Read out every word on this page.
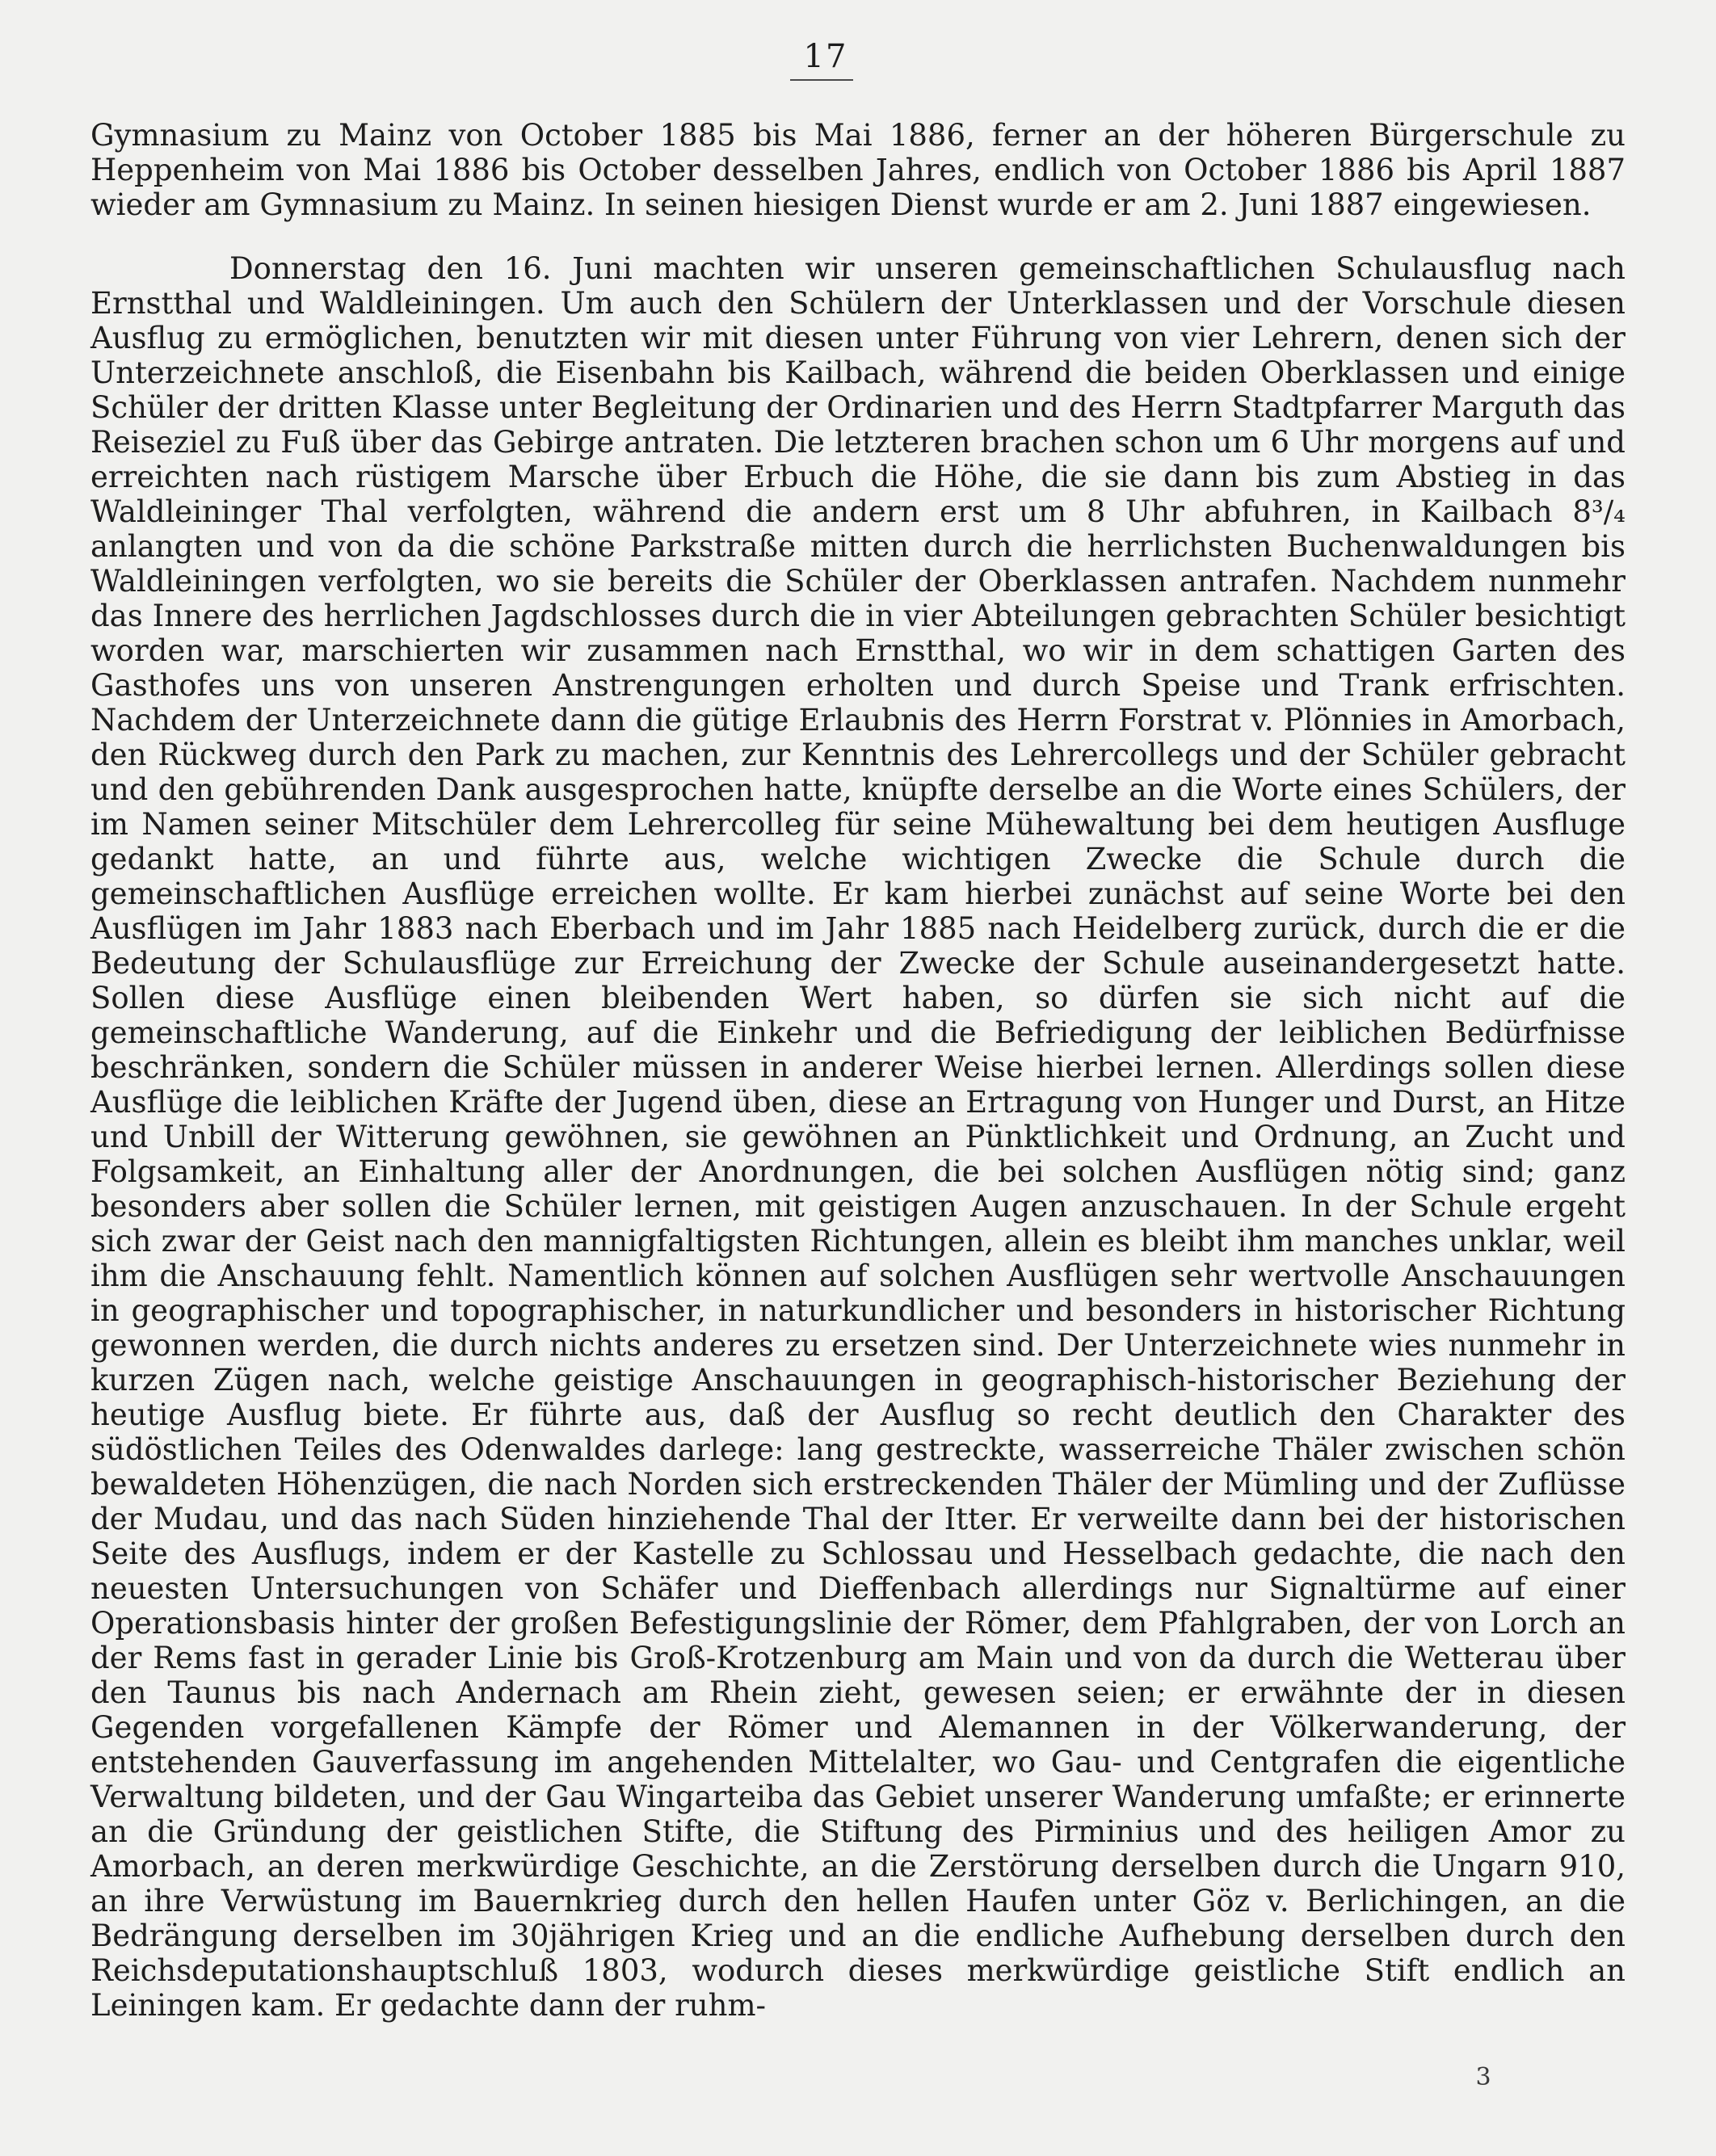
17

Gymnasium zu Mainz von October 1885 bis Mai 1886, ferner an der höheren Bürgerschule zu Heppenheim von Mai 1886 bis October desselben Jahres, endlich von October 1886 bis April 1887 wieder am Gymnasium zu Mainz. In seinen hiesigen Dienst wurde er am 2. Juni 1887 eingewiesen.

Donnerstag den 16. Juni machten wir unseren gemeinschaftlichen Schulausflug nach Ernstthal und Waldleiningen. Um auch den Schülern der Unterklassen und der Vorschule diesen Ausflug zu ermöglichen, benutzten wir mit diesen unter Führung von vier Lehrern, denen sich der Unterzeichnete anschloß, die Eisenbahn bis Kailbach, während die beiden Oberklassen und einige Schüler der dritten Klasse unter Begleitung der Ordinarien und des Herrn Stadtpfarrer Marguth das Reiseziel zu Fuß über das Gebirge antraten. Die letzteren brachen schon um 6 Uhr morgens auf und erreichten nach rüstigem Marsche über Erbuch die Höhe, die sie dann bis zum Abstieg in das Waldleininger Thal verfolgten, während die andern erst um 8 Uhr abfuhren, in Kailbach 8³/₄ anlangten und von da die schöne Parkstraße mitten durch die herrlichsten Buchenwaldungen bis Waldleiningen verfolgten, wo sie bereits die Schüler der Oberklassen antrafen. Nachdem nunmehr das Innere des herrlichen Jagdschlosses durch die in vier Abteilungen gebrachten Schüler besichtigt worden war, marschierten wir zusammen nach Ernstthal, wo wir in dem schattigen Garten des Gasthofes uns von unseren Anstrengungen erholten und durch Speise und Trank erfrischten. Nachdem der Unterzeichnete dann die gütige Erlaubnis des Herrn Forstrat v. Plönnies in Amorbach, den Rückweg durch den Park zu machen, zur Kenntnis des Lehrercollegs und der Schüler gebracht und den gebührenden Dank ausgesprochen hatte, knüpfte derselbe an die Worte eines Schülers, der im Namen seiner Mitschüler dem Lehrercolleg für seine Mühewaltung bei dem heutigen Ausfluge gedankt hatte, an und führte aus, welche wichtigen Zwecke die Schule durch die gemeinschaftlichen Ausflüge erreichen wollte. Er kam hierbei zunächst auf seine Worte bei den Ausflügen im Jahr 1883 nach Eberbach und im Jahr 1885 nach Heidelberg zurück, durch die er die Bedeutung der Schulausflüge zur Erreichung der Zwecke der Schule auseinandergesetzt hatte. Sollen diese Ausflüge einen bleibenden Wert haben, so dürfen sie sich nicht auf die gemeinschaftliche Wanderung, auf die Einkehr und die Befriedigung der leiblichen Bedürfnisse beschränken, sondern die Schüler müssen in anderer Weise hierbei lernen. Allerdings sollen diese Ausflüge die leiblichen Kräfte der Jugend üben, diese an Ertragung von Hunger und Durst, an Hitze und Unbill der Witterung gewöhnen, sie gewöhnen an Pünktlichkeit und Ordnung, an Zucht und Folgsamkeit, an Einhaltung aller der Anordnungen, die bei solchen Ausflügen nötig sind; ganz besonders aber sollen die Schüler lernen, mit geistigen Augen anzuschauen. In der Schule ergeht sich zwar der Geist nach den mannigfaltigsten Richtungen, allein es bleibt ihm manches unklar, weil ihm die Anschauung fehlt. Namentlich können auf solchen Ausflügen sehr wertvolle Anschauungen in geographischer und topographischer, in naturkundlicher und besonders in historischer Richtung gewonnen werden, die durch nichts anderes zu ersetzen sind. Der Unterzeichnete wies nunmehr in kurzen Zügen nach, welche geistige Anschauungen in geographisch-historischer Beziehung der heutige Ausflug biete. Er führte aus, daß der Ausflug so recht deutlich den Charakter des südöstlichen Teiles des Odenwaldes darlege: lang gestreckte, wasserreiche Thäler zwischen schön bewaldeten Höhenzügen, die nach Norden sich erstreckenden Thäler der Mümling und der Zuflüsse der Mudau, und das nach Süden hinziehende Thal der Itter. Er verweilte dann bei der historischen Seite des Ausflugs, indem er der Kastelle zu Schlossau und Hesselbach gedachte, die nach den neuesten Untersuchungen von Schäfer und Dieffenbach allerdings nur Signaltürme auf einer Operationsbasis hinter der großen Befestigungslinie der Römer, dem Pfahlgraben, der von Lorch an der Rems fast in gerader Linie bis Groß-Krotzenburg am Main und von da durch die Wetterau über den Taunus bis nach Andernach am Rhein zieht, gewesen seien; er erwähnte der in diesen Gegenden vorgefallenen Kämpfe der Römer und Alemannen in der Völkerwanderung, der entstehenden Gauverfassung im angehenden Mittelalter, wo Gau- und Centgrafen die eigentliche Verwaltung bildeten, und der Gau Wingarteiba das Gebiet unserer Wanderung umfaßte; er erinnerte an die Gründung der geistlichen Stifte, die Stiftung des Pirminius und des heiligen Amor zu Amorbach, an deren merkwürdige Geschichte, an die Zerstörung derselben durch die Ungarn 910, an ihre Verwüstung im Bauernkrieg durch den hellen Haufen unter Göz v. Berlichingen, an die Bedrängung derselben im 30jährigen Krieg und an die endliche Aufhebung derselben durch den Reichsdeputationshauptschluß 1803, wodurch dieses merkwürdige geistliche Stift endlich an Leiningen kam. Er gedachte dann der ruhm-

3
